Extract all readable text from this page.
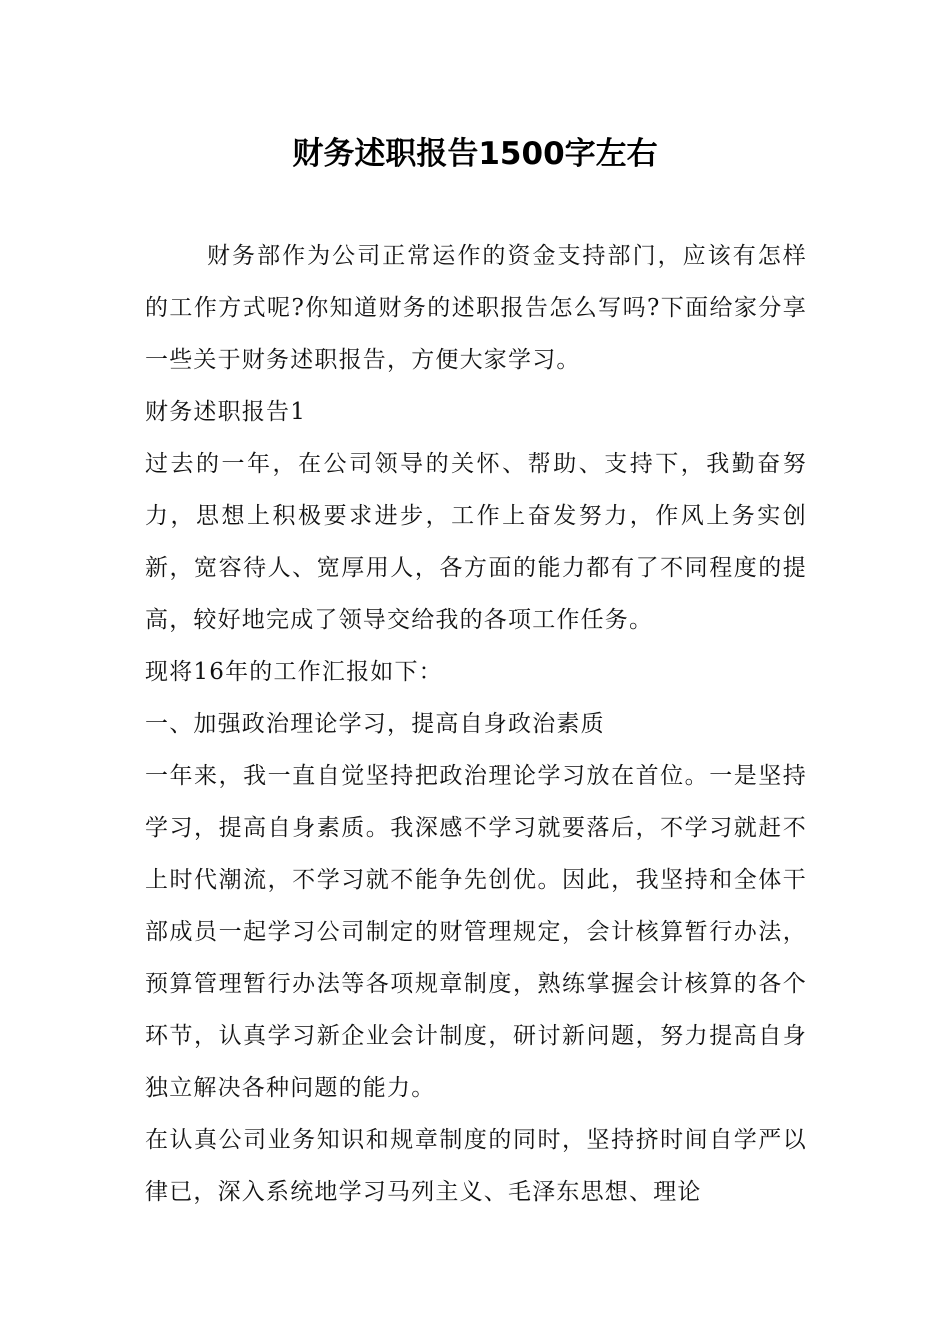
财务述职报告1500字左右

财务部作为公司正常运作的资金支持部门，应该有怎样的工作方式呢?你知道财务的述职报告怎么写吗?下面给家分享一些关于财务述职报告，方便大家学习。

财务述职报告1

过去的一年，在公司领导的关怀、帮助、支持下，我勤奋努力，思想上积极要求进步，工作上奋发努力，作风上务实创新，宽容待人、宽厚用人，各方面的能力都有了不同程度的提高，较好地完成了领导交给我的各项工作任务。

现将16年的工作汇报如下：

一、加强政治理论学习，提高自身政治素质

一年来，我一直自觉坚持把政治理论学习放在首位。一是坚持学习，提高自身素质。我深感不学习就要落后，不学习就赶不上时代潮流，不学习就不能争先创优。因此，我坚持和全体干部成员一起学习公司制定的财管理规定，会计核算暂行办法，预算管理暂行办法等各项规章制度，熟练掌握会计核算的各个环节，认真学习新企业会计制度，研讨新问题，努力提高自身独立解决各种问题的能力。

在认真公司业务知识和规章制度的同时，坚持挤时间自学严以律已，深入系统地学习马列主义、毛泽东思想、理论
